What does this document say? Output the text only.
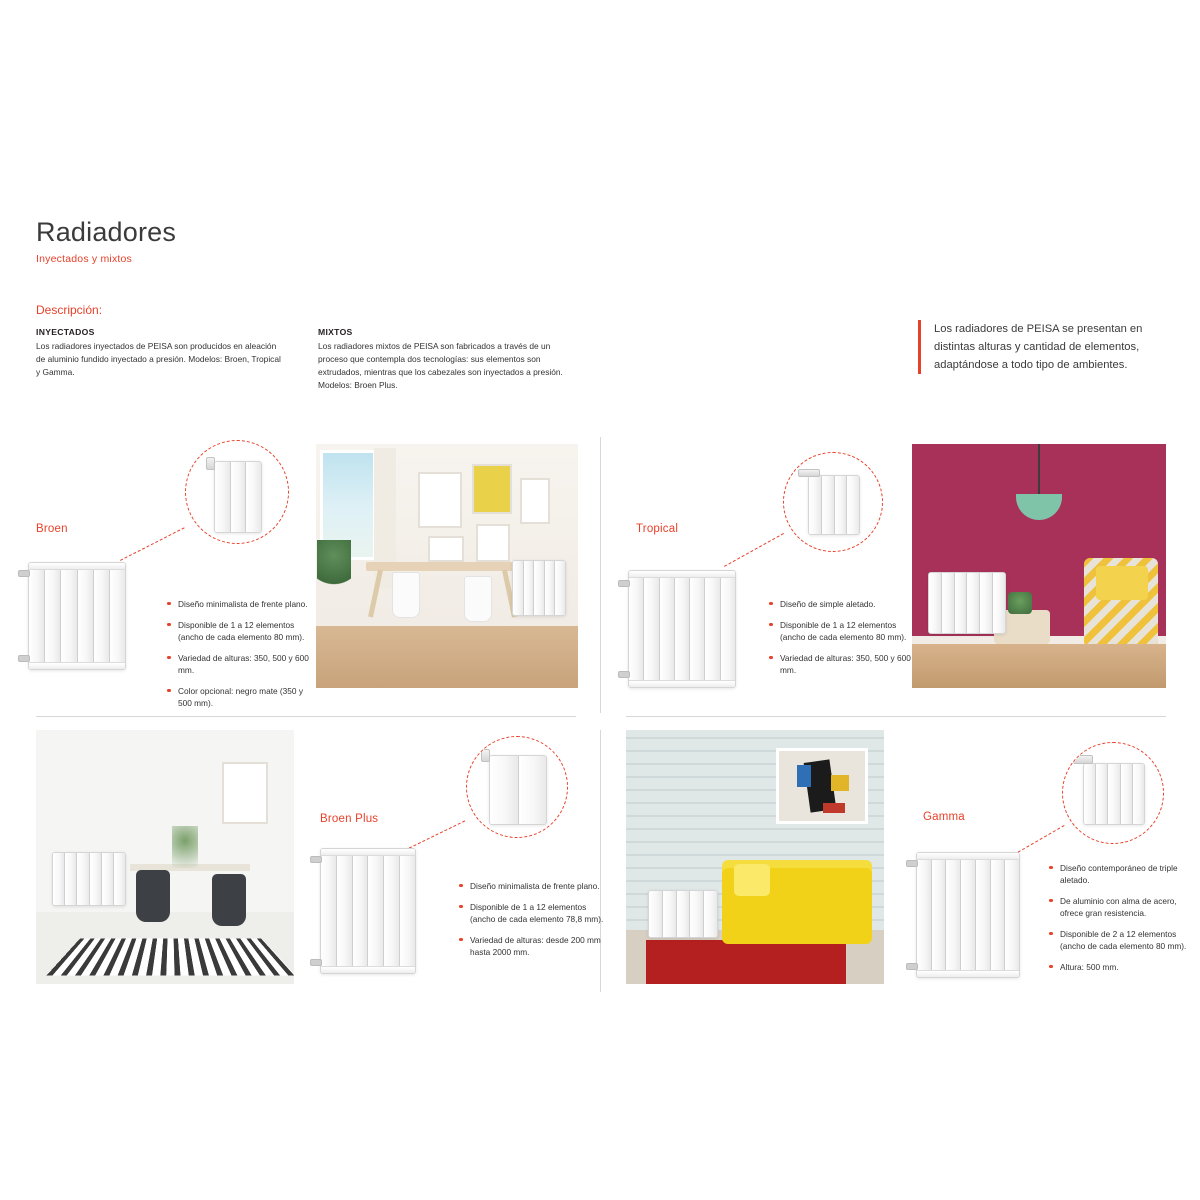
Radiadores
Inyectados y mixtos
Descripción:
INYECTADOS
Los radiadores inyectados de PEISA son producidos en aleación de aluminio fundido inyectado a presión. Modelos: Broen, Tropical y Gamma.
MIXTOS
Los radiadores mixtos de PEISA son fabricados a través de un proceso que contempla dos tecnologías: sus elementos son extrudados, mientras que los cabezales son inyectados a presión. Modelos: Broen Plus.
Los radiadores de PEISA se presentan en distintas alturas y cantidad de elementos, adaptándose a todo tipo de ambientes.
Broen
Diseño minimalista de frente plano.
Disponible de 1 a 12 elementos (ancho de cada elemento 80 mm).
Variedad de alturas: 350, 500 y 600 mm.
Color opcional: negro mate (350 y 500 mm).
Tropical
Diseño de simple aletado.
Disponible de 1 a 12 elementos (ancho de cada elemento 80 mm).
Variedad de alturas: 350, 500 y 600 mm.
Broen Plus
Diseño minimalista de frente plano.
Disponible de 1 a 12 elementos (ancho de cada elemento 78,8 mm).
Variedad de alturas: desde 200 mm hasta 2000 mm.
Gamma
Diseño contemporáneo de triple aletado.
De aluminio con alma de acero, ofrece gran resistencia.
Disponible de 2 a 12 elementos (ancho de cada elemento 80 mm).
Altura: 500 mm.
